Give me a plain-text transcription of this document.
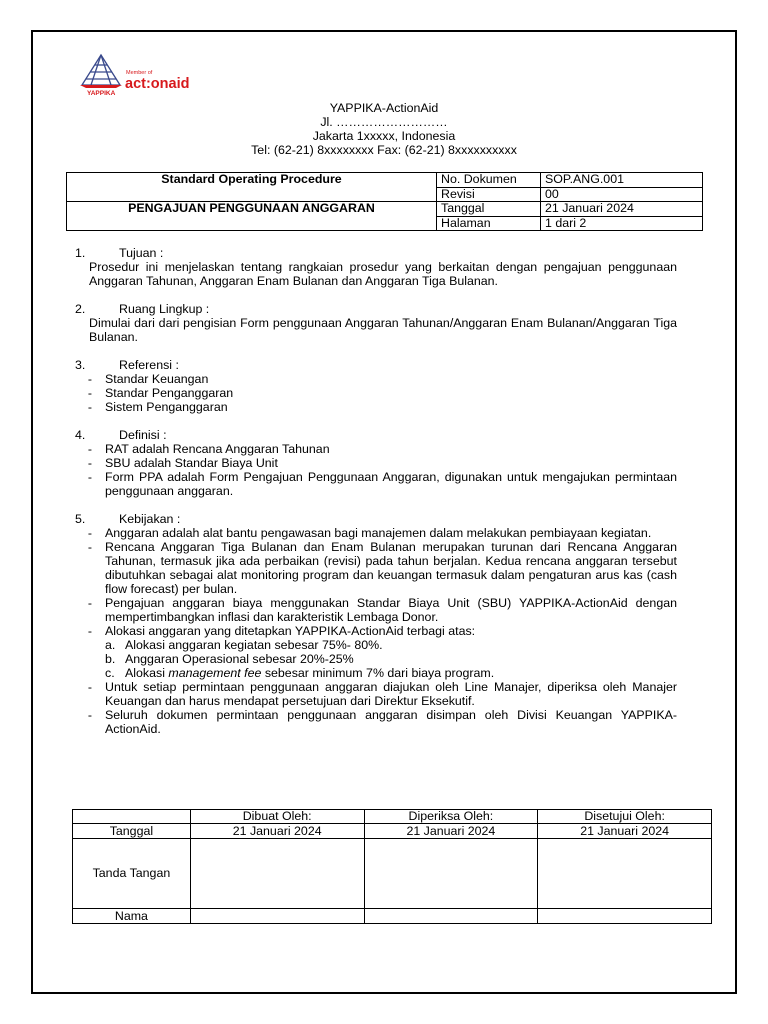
YAPPIKA
Member of
act:onaid
YAPPIKA-ActionAid
Jl. ………………………
Jakarta 1xxxxx, Indonesia
Tel: (62-21) 8xxxxxxxx Fax: (62-21) 8xxxxxxxxxx
Standard Operating Procedure	No. Dokumen	SOP.ANG.001
	Revisi	00
PENGAJUAN PENGGUNAAN ANGGARAN	Tanggal	21 Januari 2024
	Halaman	1 dari 2
1.	Tujuan :
Prosedur ini menjelaskan tentang rangkaian prosedur yang berkaitan dengan pengajuan penggunaan Anggaran Tahunan, Anggaran Enam Bulanan dan Anggaran Tiga Bulanan.
2.	Ruang Lingkup :
Dimulai dari dari pengisian Form penggunaan Anggaran Tahunan/Anggaran Enam Bulanan/Anggaran Tiga Bulanan.
3.	Referensi :
-	Standar Keuangan
-	Standar Penganggaran
-	Sistem Penganggaran
4.	Definisi :
-	RAT adalah Rencana Anggaran Tahunan
-	SBU adalah Standar Biaya Unit
-	Form PPA adalah Form Pengajuan Penggunaan Anggaran, digunakan untuk mengajukan permintaan penggunaan anggaran.
5.	Kebijakan :
-	Anggaran adalah alat bantu pengawasan bagi manajemen dalam melakukan pembiayaan kegiatan.
-	Rencana Anggaran Tiga Bulanan dan Enam Bulanan merupakan turunan dari Rencana Anggaran Tahunan, termasuk jika ada perbaikan (revisi) pada tahun berjalan. Kedua rencana anggaran tersebut dibutuhkan sebagai alat monitoring program dan keuangan termasuk dalam pengaturan arus kas (cash flow forecast) per bulan.
-	Pengajuan anggaran biaya menggunakan Standar Biaya Unit (SBU) YAPPIKA-ActionAid dengan mempertimbangkan inflasi dan karakteristik Lembaga Donor.
-	Alokasi anggaran yang ditetapkan YAPPIKA-ActionAid terbagi atas:
a. Alokasi anggaran kegiatan sebesar 75%- 80%.
b. Anggaran Operasional sebesar 20%-25%
c. Alokasi management fee sebesar minimum 7% dari biaya program.
-	Untuk setiap permintaan penggunaan anggaran diajukan oleh Line Manajer, diperiksa oleh Manajer Keuangan dan harus mendapat persetujuan dari Direktur Eksekutif.
-	Seluruh dokumen permintaan penggunaan anggaran disimpan oleh Divisi Keuangan YAPPIKA-ActionAid.
	Dibuat Oleh:	Diperiksa Oleh:	Disetujui Oleh:
Tanggal	21 Januari 2024	21 Januari 2024	21 Januari 2024
Tanda Tangan			
Nama			
